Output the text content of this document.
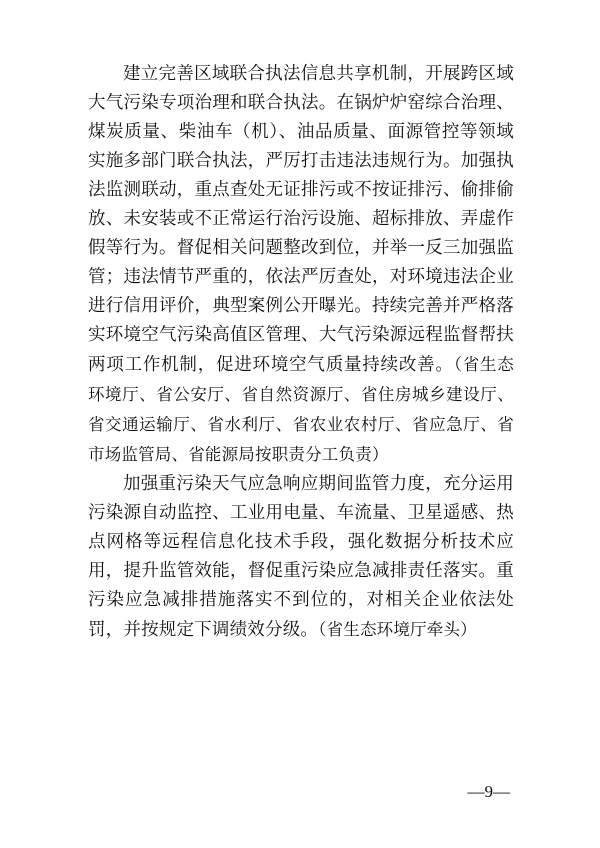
建立完善区域联合执法信息共享机制，开展跨区域大气污染专项治理和联合执法。在锅炉炉窑综合治理、煤炭质量、柴油车（机）、油品质量、面源管控等领域实施多部门联合执法，严厉打击违法违规行为。加强执法监测联动，重点查处无证排污或不按证排污、偷排偷放、未安装或不正常运行治污设施、超标排放、弄虚作假等行为。督促相关问题整改到位，并举一反三加强监管；违法情节严重的，依法严厉查处，对环境违法企业进行信用评价，典型案例公开曝光。持续完善并严格落实环境空气污染高值区管理、大气污染源远程监督帮扶两项工作机制，促进环境空气质量持续改善。（省生态环境厅、省公安厅、省自然资源厅、省住房城乡建设厅、省交通运输厅、省水利厅、省农业农村厅、省应急厅、省市场监管局、省能源局按职责分工负责）

加强重污染天气应急响应期间监管力度，充分运用污染源自动监控、工业用电量、车流量、卫星遥感、热点网格等远程信息化技术手段，强化数据分析技术应用，提升监管效能，督促重污染应急减排责任落实。重污染应急减排措施落实不到位的，对相关企业依法处罚，并按规定下调绩效分级。（省生态环境厅牵头）

—9—
